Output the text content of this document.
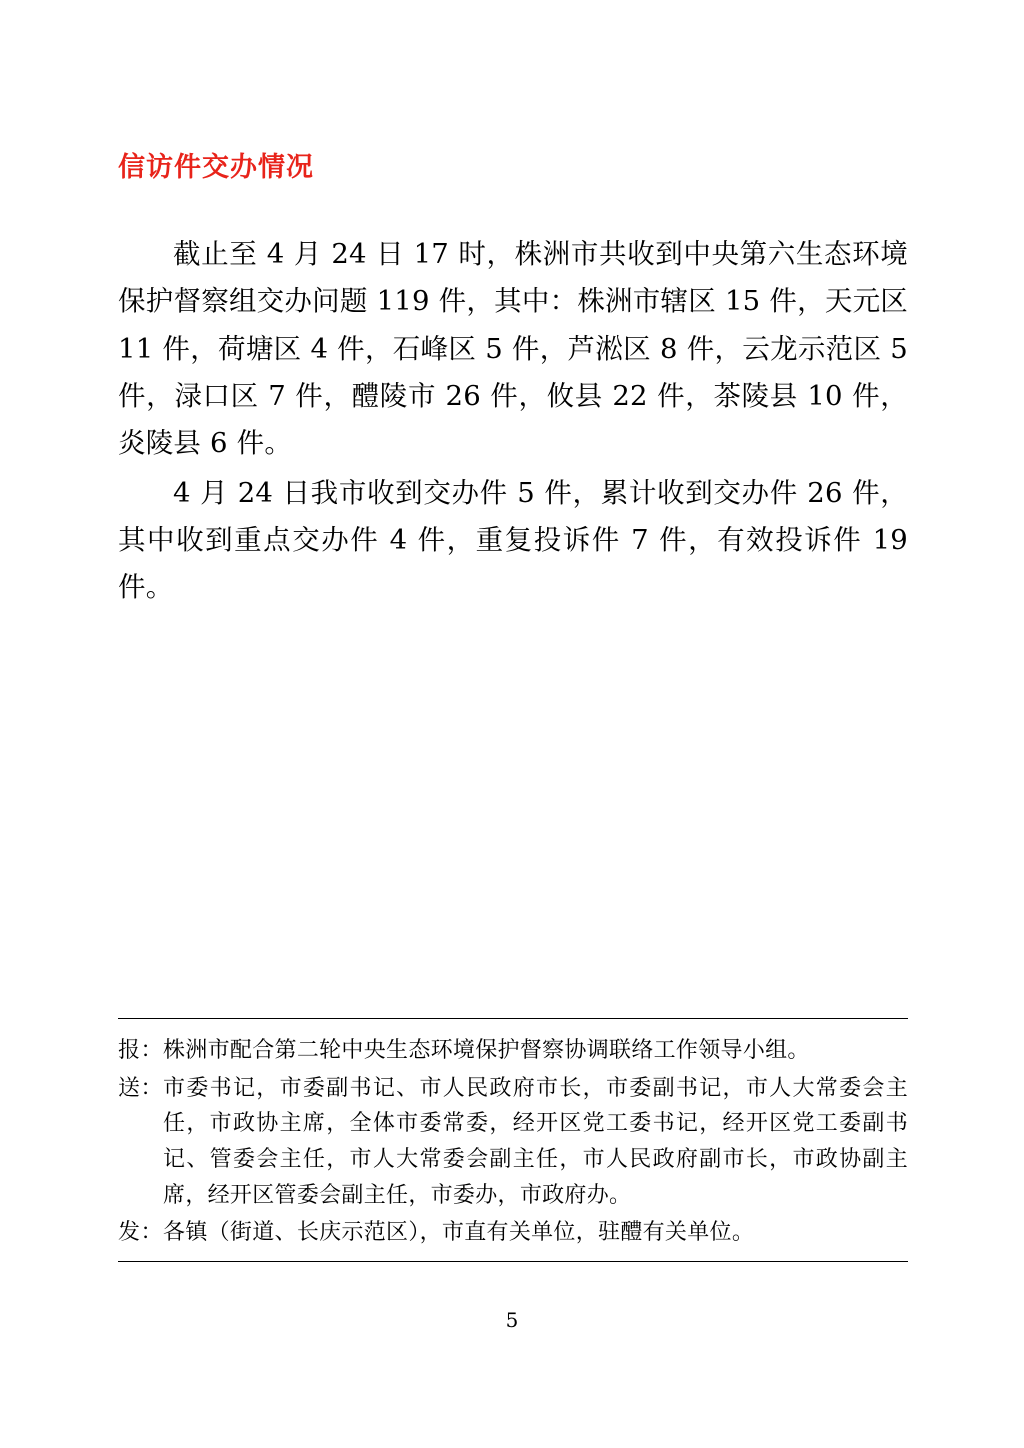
信访件交办情况

截止至 4 月 24 日 17 时，株洲市共收到中央第六生态环境保护督察组交办问题 119 件，其中：株洲市辖区 15 件，天元区 11 件，荷塘区 4 件，石峰区 5 件，芦淞区 8 件，云龙示范区 5 件，渌口区 7 件，醴陵市 26 件，攸县 22 件，茶陵县 10 件，炎陵县 6 件。

4 月 24 日我市收到交办件 5 件，累计收到交办件 26 件，其中收到重点交办件 4 件，重复投诉件 7 件，有效投诉件 19 件。

报： 株洲市配合第二轮中央生态环境保护督察协调联络工作领导小组。
送： 市委书记，市委副书记、市人民政府市长，市委副书记，市人大常委会主任，市政协主席，全体市委常委，经开区党工委书记，经开区党工委副书记、管委会主任，市人大常委会副主任，市人民政府副市长，市政协副主席，经开区管委会副主任，市委办，市政府办。
发： 各镇（街道、长庆示范区），市直有关单位，驻醴有关单位。
5
